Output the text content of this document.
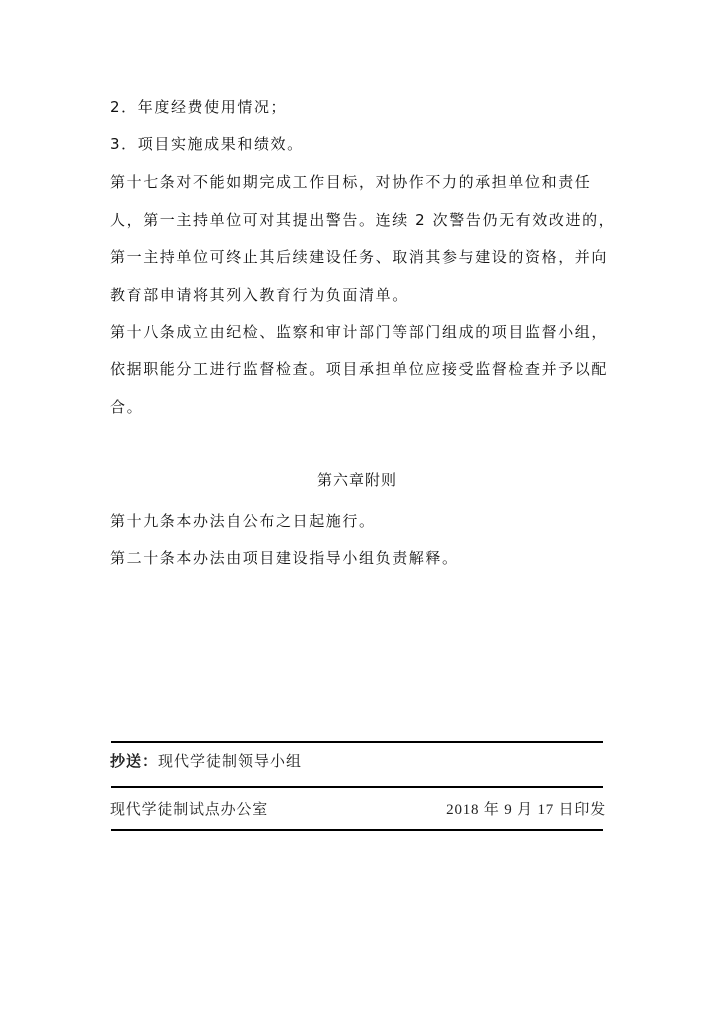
2．年度经费使用情况；
3．项目实施成果和绩效。
第十七条对不能如期完成工作目标，对协作不力的承担单位和责任
人，第一主持单位可对其提出警告。连续 2 次警告仍无有效改进的，
第一主持单位可终止其后续建设任务、取消其参与建设的资格，并向
教育部申请将其列入教育行为负面清单。
第十八条成立由纪检、监察和审计部门等部门组成的项目监督小组，
依据职能分工进行监督检查。项目承担单位应接受监督检查并予以配
合。
第六章附则
第十九条本办法自公布之日起施行。
第二十条本办法由项目建设指导小组负责解释。
抄送：现代学徒制领导小组
现代学徒制试点办公室	2018 年 9 月 17 日印发
